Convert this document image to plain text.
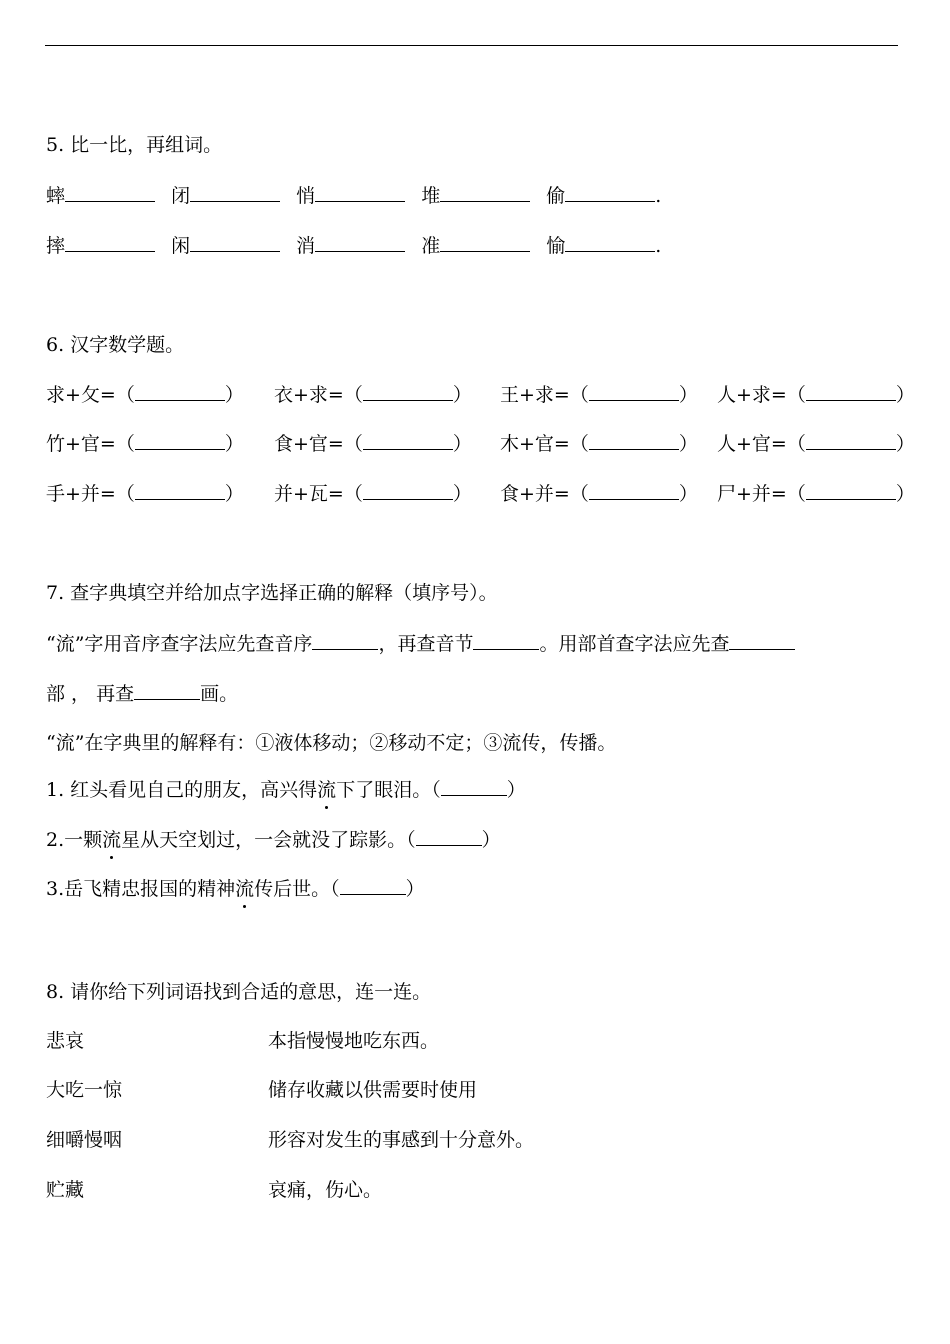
5. 比一比，再组词。
蟀	闭	悄	堆	偷	.
摔	闲	消	准	愉	.
6. 汉字数学题。
求+攵=（	） 衣+求=（	） 王+求=（	） 人+求=（	）
竹+官=（	） 食+官=（	） 木+官=（	） 人+官=（	）
手+并=（	） 并+瓦=（	） 食+并=（	） 尸+并=（	）
7. 查字典填空并给加点字选择正确的解释（填序号）。
“流”字用音序查字法应先查音序	，再查音节	。用部首查字法应先查
部 ， 再查	画。
“流”在字典里的解释有：①液体移动；②移动不定；③流传，传播。
1. 红头看见自己的朋友，高兴得流
下了眼泪。（	）
2.一颗流
星从天空划过，一会就没了踪影。（	）
3.岳飞精忠报国的精神流
传后世。（	）
8. 请你给下列词语找到合适的意思，连一连。
悲哀	本指慢慢地吃东西。
大吃一惊	储存收藏以供需要时使用
细嚼慢咽	形容对发生的事感到十分意外。
贮藏	哀痛，伤心。
